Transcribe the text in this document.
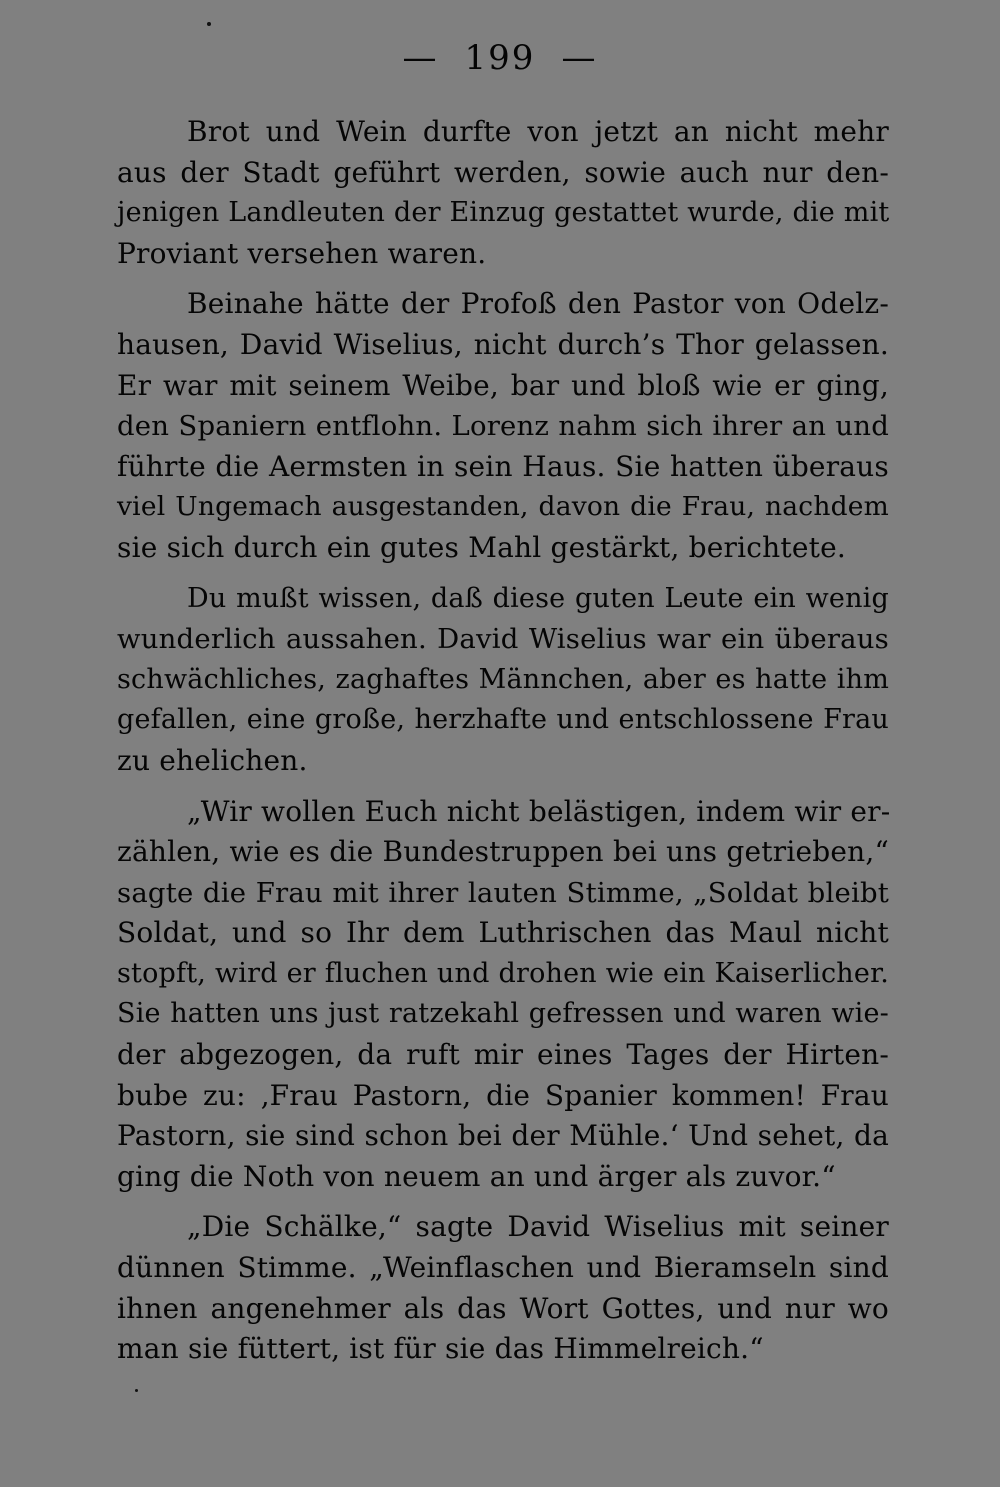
— 199 —
Brot und Wein durfte von jetzt an nicht mehr
aus der Stadt geführt werden, sowie auch nur den-
jenigen Landleuten der Einzug gestattet wurde, die mit
Proviant versehen waren.
Beinahe hätte der Profoß den Pastor von Odelz-
hausen, David Wiselius, nicht durch’s Thor gelassen.
Er war mit seinem Weibe, bar und bloß wie er ging,
den Spaniern entflohn. Lorenz nahm sich ihrer an und
führte die Aermsten in sein Haus. Sie hatten überaus
viel Ungemach ausgestanden, davon die Frau, nachdem
sie sich durch ein gutes Mahl gestärkt, berichtete.
Du mußt wissen, daß diese guten Leute ein wenig
wunderlich aussahen. David Wiselius war ein überaus
schwächliches, zaghaftes Männchen, aber es hatte ihm
gefallen, eine große, herzhafte und entschlossene Frau
zu ehelichen.
„Wir wollen Euch nicht belästigen, indem wir er-
zählen, wie es die Bundestruppen bei uns getrieben,“
sagte die Frau mit ihrer lauten Stimme, „Soldat bleibt
Soldat, und so Ihr dem Luthrischen das Maul nicht
stopft, wird er fluchen und drohen wie ein Kaiserlicher.
Sie hatten uns just ratzekahl gefressen und waren wie-
der abgezogen, da ruft mir eines Tages der Hirten-
bube zu: ‚Frau Pastorn, die Spanier kommen! Frau
Pastorn, sie sind schon bei der Mühle.‘ Und sehet, da
ging die Noth von neuem an und ärger als zuvor.“
„Die Schälke,“ sagte David Wiselius mit seiner
dünnen Stimme. „Weinflaschen und Bieramseln sind
ihnen angenehmer als das Wort Gottes, und nur wo
man sie füttert, ist für sie das Himmelreich.“
